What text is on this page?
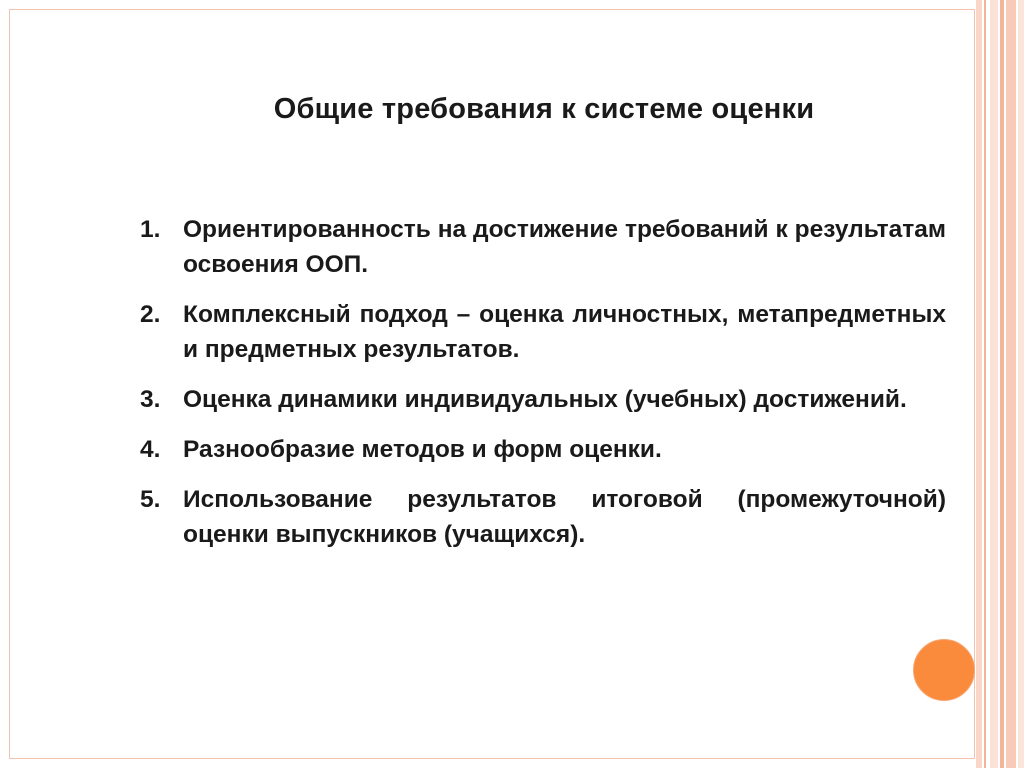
Общие требования к системе оценки
1. Ориентированность на достижение требований к результатам освоения ООП.
2. Комплексный подход – оценка личностных, метапредметных и предметных результатов.
3. Оценка динамики индивидуальных (учебных) достижений.
4. Разнообразие методов и форм оценки.
5. Использование результатов итоговой (промежуточной) оценки выпускников (учащихся).
